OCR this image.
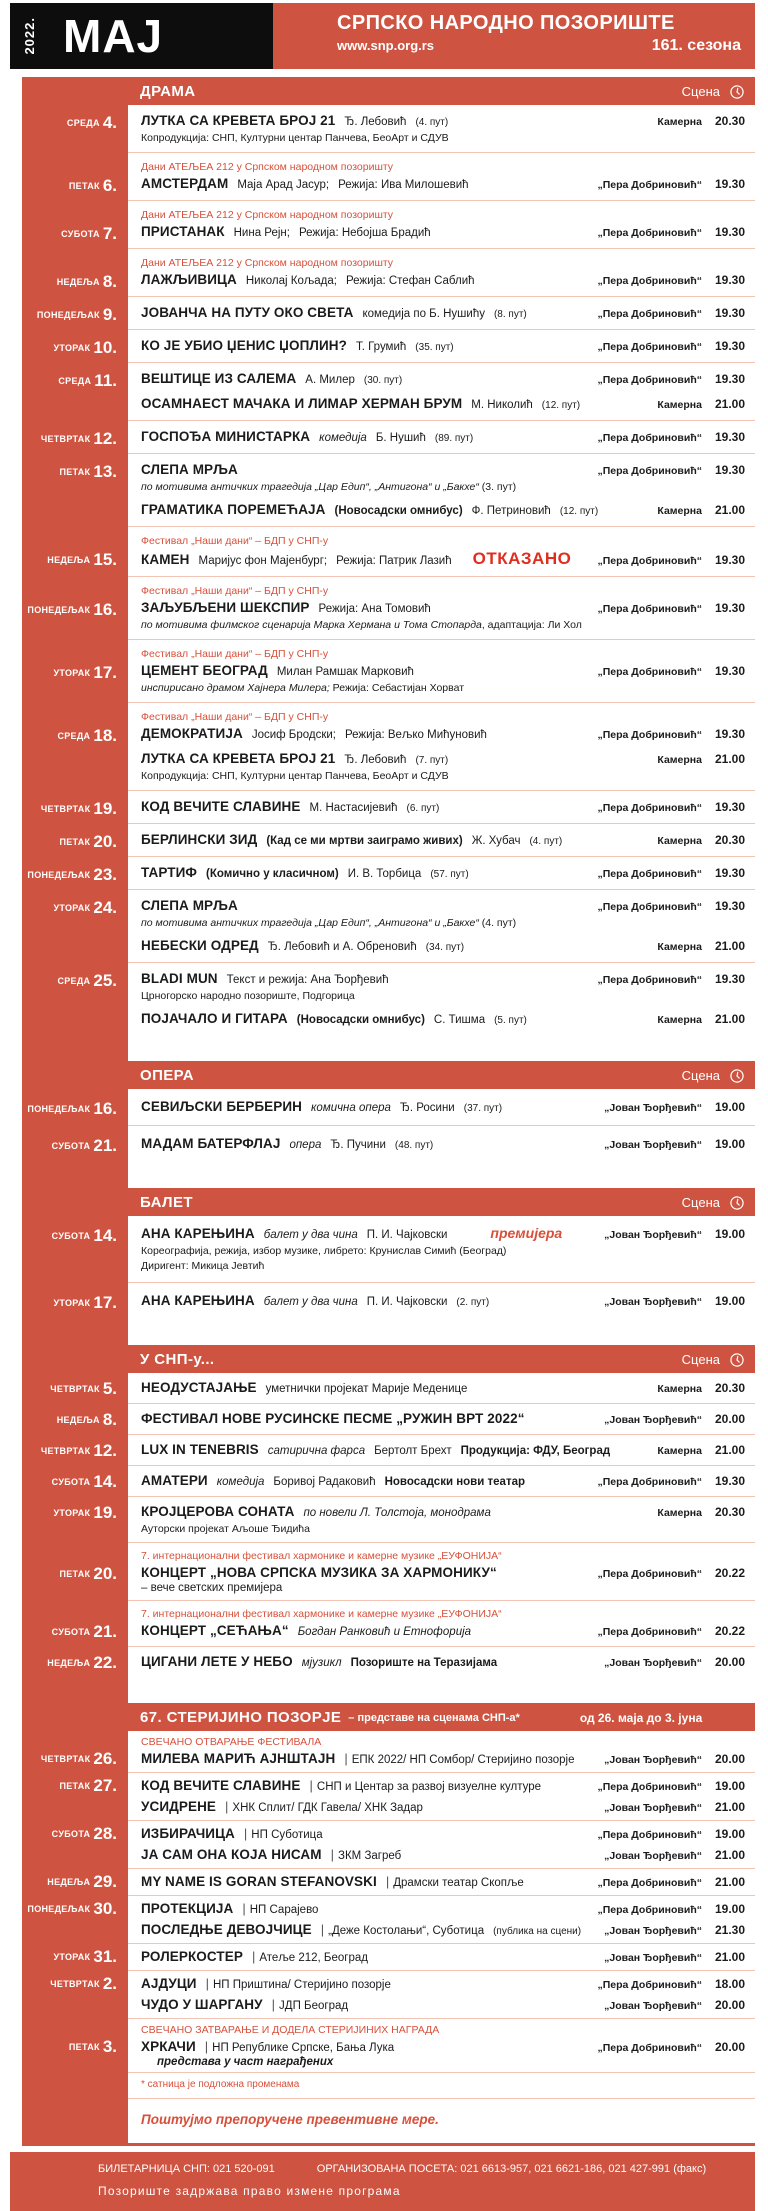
2022. МАЈ	СРПСКО НАРОДНО ПОЗОРИШТЕ
www.snp.org.rs	161. сезона
ДРАМА	Сцена
СРЕДА 4. ЛУТКА СА КРЕВЕТА БРОЈ 21 Ђ. Лебовић (4. пут)	Камерна 20.30
Копродукција: СНП, Културни центар Панчева, БеоАрт и СДУВ
ПЕТАК 6.
Дани АТЕЉЕА 212 у Српском народном позоришту
АМСТЕРДАМ Маја Арад Јасур; Режија: Ива Милошевић	„Пера Добриновић“ 19.30
СУБОТА 7.
Дани АТЕЉЕА 212 у Српском народном позоришту
ПРИСТАНАК Нина Рејн; Режија: Небојша Брадић	„Пера Добриновић“ 19.30
НЕДЕЉА 8.
Дани АТЕЉЕА 212 у Српском народном позоришту
ЛАЖЉИВИЦА Николај Кољада; Режија: Стефан Саблић	„Пера Добриновић“ 19.30
ПОНЕДЕЉАК 9. ЈОВАНЧА НА ПУТУ ОКО СВЕТА комедија по Б. Нушићу (8. пут)	„Пера Добриновић“ 19.30
УТОРАК 10. КО ЈЕ УБИО ЏЕНИС ЏОПЛИН? Т. Грумић (35. пут)	„Пера Добриновић“ 19.30
СРЕДА 11. ВЕШТИЦЕ ИЗ САЛЕМА А. Милер (30. пут)	„Пера Добриновић“ 19.30
ОСАМНАЕСТ МАЧАКА И ЛИМАР ХЕРМАН БРУМ М. Николић (12. пут)	Камерна 21.00
ЧЕТВРТАК 12. ГОСПОЂА МИНИСТАРКА комедија Б. Нушић (89. пут)	„Пера Добриновић“ 19.30
ПЕТАК 13. СЛЕПА МРЉА	„Пера Добриновић“ 19.30
по мотивима античких трагедија „Цар Едип“, „Антигона“ и „Бакхе“ (3. пут)
ГРАМАТИКА ПОРЕМЕЋАЈА (Новосадски омнибус) Ф. Петриновић (12. пут)	Камерна 21.00
НЕДЕЉА 15.
Фестивал „Наши дани“ – БДП у СНП-у
КАМЕН Маријус фон Мајенбург; Режија: Патрик Лазић ОТКАЗАНО „Пера Добриновић“ 19.30
ПОНЕДЕЉАК 16.
Фестивал „Наши дани“ – БДП у СНП-у
ЗАЉУБЉЕНИ ШЕКСПИР Режија: Ана Томовић	„Пера Добриновић“ 19.30
по мотивима филмског сценарија Марка Хермана и Тома Стопарда, адаптација: Ли Хол
УТОРАК 17.
Фестивал „Наши дани“ – БДП у СНП-у
ЦЕМЕНТ БЕОГРАД Милан Рамшак Марковић	„Пера Добриновић“ 19.30
инспирисано драмом Хајнера Милера; Режија: Себастијан Хорват
СРЕДА 18.
Фестивал „Наши дани“ – БДП у СНП-у
ДЕМОКРАТИЈА Јосиф Бродски; Режија: Вељко Мићуновић	„Пера Добриновић“ 19.30
ЛУТКА СА КРЕВЕТА БРОЈ 21 Ђ. Лебовић (7. пут)	Камерна 21.00
Копродукција: СНП, Културни центар Панчева, БеоАрт и СДУВ
ЧЕТВРТАК 19. КОД ВЕЧИТЕ СЛАВИНЕ М. Настасијевић (6. пут)	„Пера Добриновић“ 19.30
ПЕТАК 20. БЕРЛИНСКИ ЗИД (Кад се ми мртви заиграмо живих) Ж. Хубач (4. пут)	Камерна 20.30
ПОНЕДЕЉАК 23. ТАРТИФ (Комично у класичном) И. В. Торбица (57. пут)	„Пера Добриновић“ 19.30
УТОРАК 24. СЛЕПА МРЉА	„Пера Добриновић“ 19.30
по мотивима античких трагедија „Цар Едип“, „Антигона“ и „Бакхе“ (4. пут)
НЕБЕСКИ ОДРЕД Ђ. Лебовић и А. Обреновић (34. пут)	Камерна 21.00
СРЕДА 25. BLADI MUN Текст и режија: Ана Ђорђевић	„Пера Добриновић“ 19.30
Црногорско народно позориште, Подгорица
ПОЈАЧАЛО И ГИТАРА (Новосадски омнибус) С. Тишма (5. пут)	Камерна 21.00
ОПЕРА	Сцена
ПОНЕДЕЉАК 16. СЕВИЉСКИ БЕРБЕРИН комична опера Ђ. Росини (37. пут)	„Јован Ђорђевић“ 19.00
СУБОТА 21. МАДАМ БАТЕРФЛАЈ опера Ђ. Пучини (48. пут)	„Јован Ђорђевић“ 19.00
БАЛЕТ	Сцена
СУБОТА 14. АНА КАРЕЊИНА балет у два чина П. И. Чајковски	премијера	„Јован Ђорђевић“ 19.00
Кореографија, режија, избор музике, либрето: Крунислав Симић (Београд)
Диригент: Микица Јевтић
УТОРАК 17. АНА КАРЕЊИНА балет у два чина П. И. Чајковски (2. пут)	„Јован Ђорђевић“ 19.00
У СНП-у...	Сцена
ЧЕТВРТАК 5. НЕОДУСТАЈАЊЕ уметнички пројекат Марије Меденице	Камерна 20.30
НЕДЕЉА 8. ФЕСТИВАЛ НОВЕ РУСИНСКЕ ПЕСМЕ „РУЖИН ВРТ 2022“	„Јован Ђорђевић“ 20.00
ЧЕТВРТАК 12. LUX IN TENEBRIS сатирична фарса Бертолт Брехт Продукција: ФДУ, Београд	Камерна 21.00
СУБОТА 14. АМАТЕРИ комедија Боривој Радаковић Новосадски нови театар	„Пера Добриновић“ 19.30
УТОРАК 19. КРОЈЦЕРОВА СОНАТА по новели Л. Толстоја, монодрама	Камерна 20.30
Ауторски пројекат Аљоше Ђидића
ПЕТАК 20.
7. интернационални фестивал хармонике и камерне музике „ЕУФОНИЈА“
КОНЦЕРТ „НОВА СРПСКА МУЗИКА ЗА ХАРМОНИКУ“
– вече светских премијера
„Пера Добриновић“ 20.22
СУБОТА 21.
7. интернационални фестивал хармонике и камерне музике „ЕУФОНИЈА“
КОНЦЕРТ „СЕЋАЊА“ Богдан Ранковић и Етнофорија	„Пера Добриновић“ 20.22
НЕДЕЉА 22. ЦИГАНИ ЛЕТЕ У НЕБО мјузикл Позориште на Теразијама	„Јован Ђорђевић“ 20.00
67. СТЕРИЈИНО ПОЗОРЈЕ – представе на сценама СНП-а*	од 26. маја до 3. јуна
ЧЕТВРТАК 26.
СВЕЧАНО ОТВАРАЊЕ ФЕСТИВАЛА
МИЛЕВА МАРИЋ АЈНШТАЈН | ЕПК 2022/ НП Сомбор/ Стеријино позорје	„Јован Ђорђевић“ 20.00
ПЕТАК 27. КОД ВЕЧИТЕ СЛАВИНЕ | СНП и Центар за развој визуелне културе	„Пера Добриновић“ 19.00
УСИДРЕНЕ | ХНК Сплит/ ГДК Гавела/ ХНК Задар	„Јован Ђорђевић“ 21.00
СУБОТА 28. ИЗБИРАЧИЦА | НП Суботица	„Пера Добриновић“ 19.00
ЈА САМ ОНА КОЈА НИСАМ | ЗКМ Загреб	„Јован Ђорђевић“ 21.00
НЕДЕЉА 29. MY NAME IS GORAN STEFANOVSKI | Драмски театар Скопље	„Пера Добриновић“ 21.00
ПОНЕДЕЉАК 30. ПРОТЕКЦИЈА | НП Сарајево	„Пера Добриновић“ 19.00
ПОСЛЕДЊЕ ДЕВОЈЧИЦЕ | „Деже Костолањи“, Суботица (публика на сцени) „Јован Ђорђевић“ 21.30
УТОРАК 31. РОЛЕРКОСТЕР | Атеље 212, Београд	„Јован Ђорђевић“ 21.00
ЧЕТВРТАК 2. АЈДУЦИ | НП Приштина/ Стеријино позорје	„Пера Добриновић“ 18.00
ЧУДО У ШАРГАНУ | ЈДП Београд	„Јован Ђорђевић“ 20.00
ПЕТАК 3.
СВЕЧАНО ЗАТВАРАЊЕ И ДОДЕЛА СТЕРИЈИНИХ НАГРАДА
ХРКАЧИ | НП Републике Српске, Бања Лука
представа у част награђених
„Пера Добриновић“ 20.00
* сатница је подложна променама
Поштујмо препоручене превентивне мере.
БИЛЕТАРНИЦА СНП: 021 520-091	ОРГАНИЗОВАНА ПОСЕТА: 021 6613-957, 021 6621-186, 021 427-991 (факс)
Позориште задржава право измене програма
